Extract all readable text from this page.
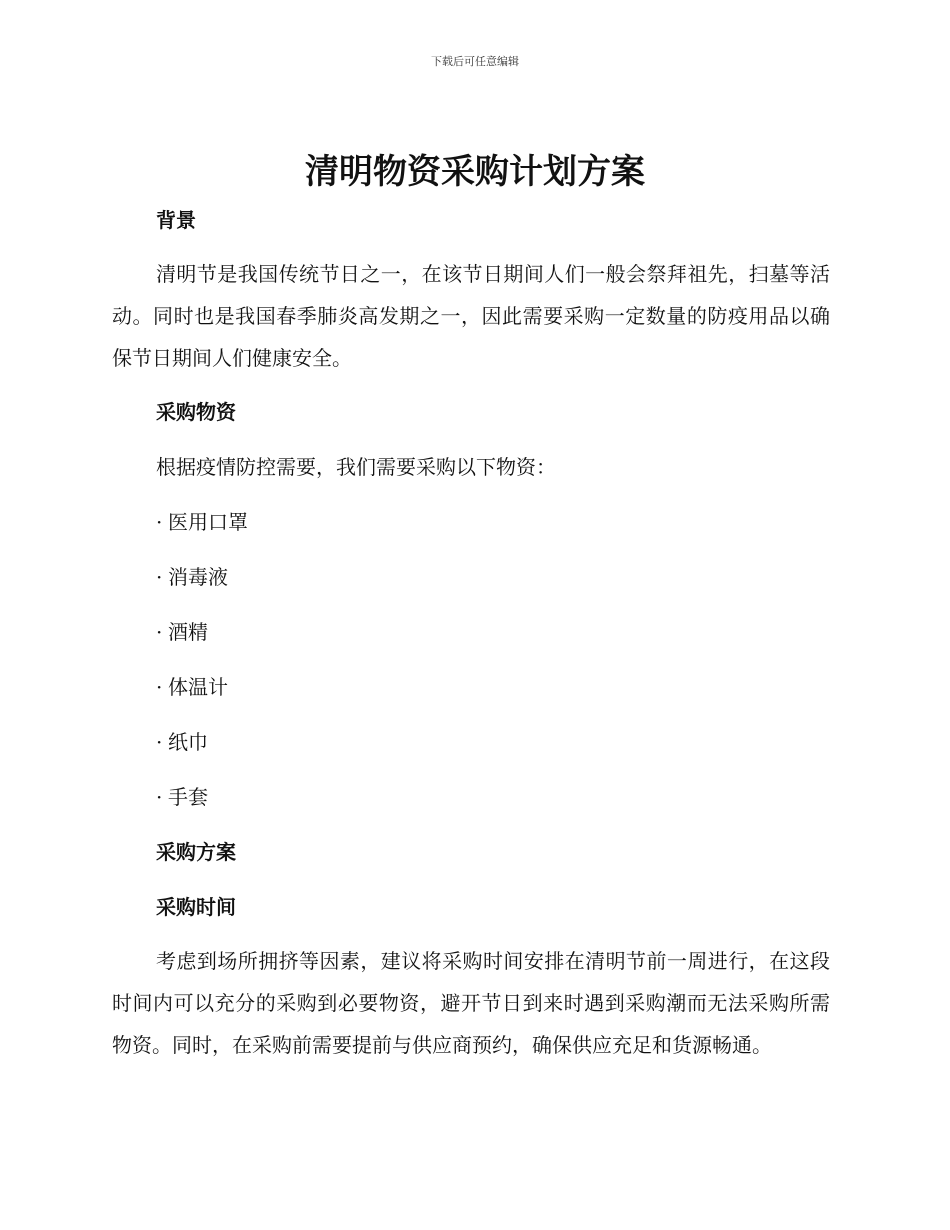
下载后可任意编辑
清明物资采购计划方案
背景

清明节是我国传统节日之一，在该节日期间人们一般会祭拜祖先，扫墓等活动。同时也是我国春季肺炎高发期之一，因此需要采购一定数量的防疫用品以确保节日期间人们健康安全。

采购物资

根据疫情防控需要，我们需要采购以下物资：

· 医用口罩

· 消毒液

· 酒精

· 体温计

· 纸巾

· 手套

采购方案
采购时间

考虑到场所拥挤等因素，建议将采购时间安排在清明节前一周进行，在这段时间内可以充分的采购到必要物资，避开节日到来时遇到采购潮而无法采购所需物资。同时，在采购前需要提前与供应商预约，确保供应充足和货源畅通。
